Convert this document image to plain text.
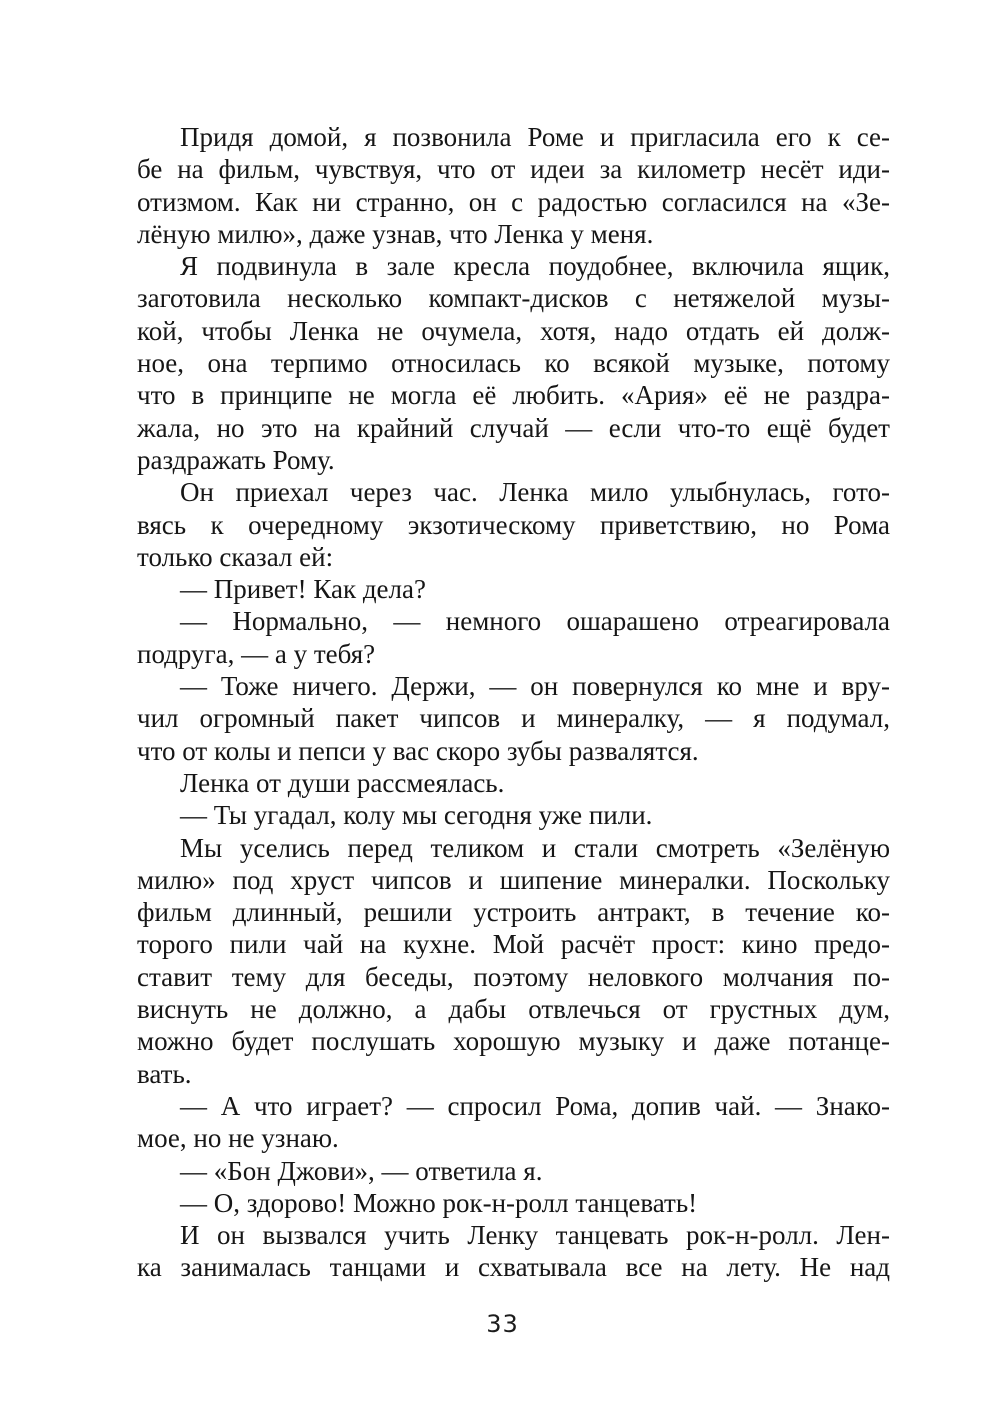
Придя домой, я позвонила Роме и пригласила его к се-
бе на фильм, чувствуя, что от идеи за километр несёт иди-
отизмом. Как ни странно, он с радостью согласился на «Зе-
лёную милю», даже узнав, что Ленка у меня.
Я подвинула в зале кресла поудобнее, включила ящик,
заготовила несколько компакт-дисков с нетяжелой музы-
кой, чтобы Ленка не очумела, хотя, надо отдать ей долж-
ное, она терпимо относилась ко всякой музыке, потому
что в принципе не могла её любить. «Ария» её не раздра-
жала, но это на крайний случай — если что-то ещё будет
раздражать Рому.
Он приехал через час. Ленка мило улыбнулась, гото-
вясь к очередному экзотическому приветствию, но Рома
только сказал ей:
— Привет! Как дела?
— Нормально, — немного ошарашено отреагировала
подруга, — а у тебя?
— Тоже ничего. Держи, — он повернулся ко мне и вру-
чил огромный пакет чипсов и минералку, — я подумал,
что от колы и пепси у вас скоро зубы развалятся.
Ленка от души рассмеялась.
— Ты угадал, колу мы сегодня уже пили.
Мы уселись перед теликом и стали смотреть «Зелёную
милю» под хруст чипсов и шипение минералки. Поскольку
фильм длинный, решили устроить антракт, в течение ко-
торого пили чай на кухне. Мой расчёт прост: кино предо-
ставит тему для беседы, поэтому неловкого молчания по-
виснуть не должно, а дабы отвлечься от грустных дум,
можно будет послушать хорошую музыку и даже потанце-
вать.
— А что играет? — спросил Рома, допив чай. — Знако-
мое, но не узнаю.
— «Бон Джови», — ответила я.
— О, здорово! Можно рок-н-ролл танцевать!
И он вызвался учить Ленку танцевать рок-н-ролл. Лен-
ка занималась танцами и схватывала все на лету. Не над
33
